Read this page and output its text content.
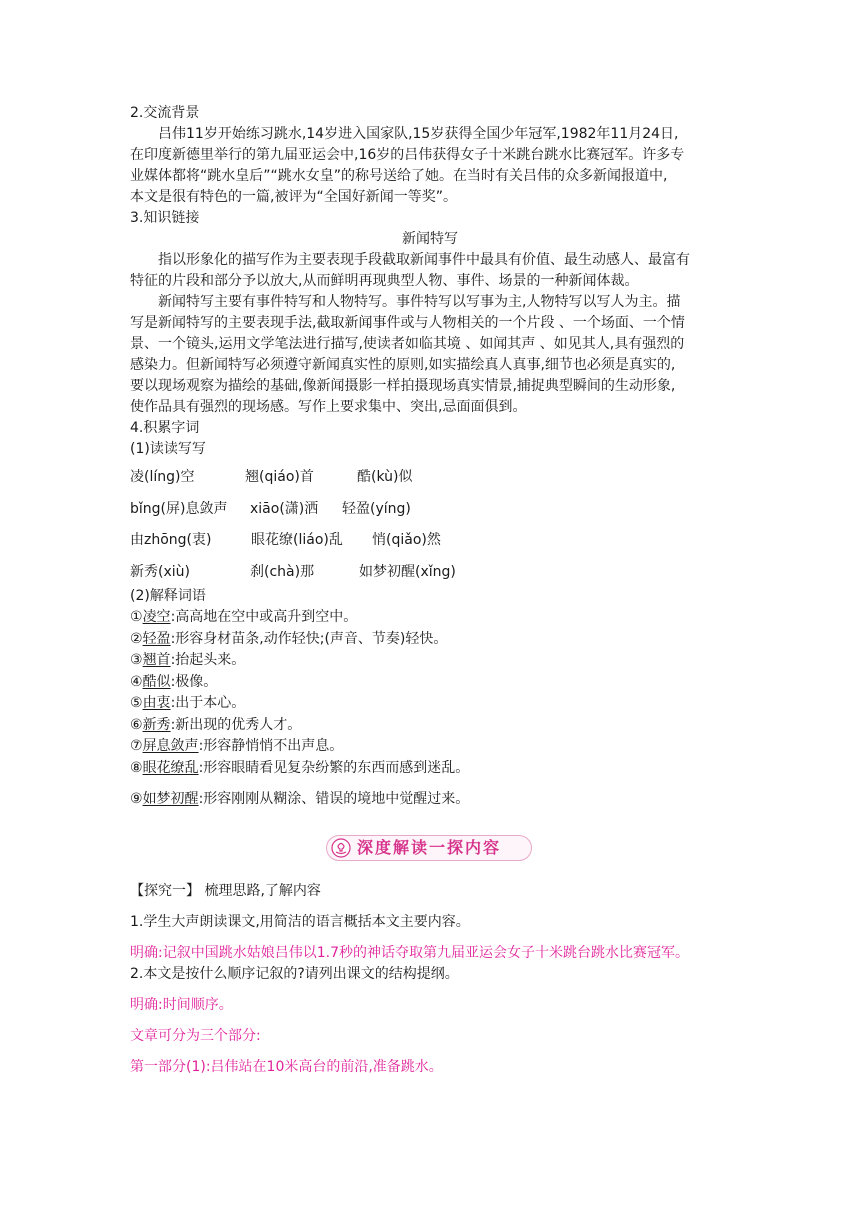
2.交流背景
吕伟11岁开始练习跳水,14岁进入国家队,15岁获得全国少年冠军,1982年11月24日,
在印度新德里举行的第九届亚运会中,16岁的吕伟获得女子十米跳台跳水比赛冠军。许多专
业媒体都将“跳水皇后”“跳水女皇”的称号送给了她。在当时有关吕伟的众多新闻报道中,
本文是很有特色的一篇,被评为“全国好新闻一等奖”。
3.知识链接
新闻特写
指以形象化的描写作为主要表现手段截取新闻事件中最具有价值、最生动感人、最富有
特征的片段和部分予以放大,从而鲜明再现典型人物、事件、场景的一种新闻体裁。
新闻特写主要有事件特写和人物特写。事件特写以写事为主,人物特写以写人为主。描
写是新闻特写的主要表现手法,截取新闻事件或与人物相关的一个片段 、一个场面、一个情
景、一个镜头,运用文学笔法进行描写,使读者如临其境 、如闻其声 、如见其人,具有强烈的
感染力。但新闻特写必须遵守新闻真实性的原则,如实描绘真人真事,细节也必须是真实的,
要以现场观察为描绘的基础,像新闻摄影一样拍摄现场真实情景,捕捉典型瞬间的生动形象,
使作品具有强烈的现场感。写作上要求集中、突出,忌面面俱到。
4.积累字词
(1)读读写写
凌(líng)空	翘(qiáo)首	酷(kù)似
bǐng(屏)息敛声 xiāo(潇)洒 轻盈(yíng)
由zhōng(衷)	眼花缭(liáo)乱 悄(qiǎo)然
新秀(xiù)	刹(chà)那	如梦初醒(xǐng)
(2)解释词语
①凌空:高高地在空中或高升到空中。
②轻盈:形容身材苗条,动作轻快;(声音、节奏)轻快。
③翘首:抬起头来。
④酷似:极像。
⑤由衷:出于本心。
⑥新秀:新出现的优秀人才。
⑦屏息敛声:形容静悄悄不出声息。
⑧眼花缭乱:形容眼睛看见复杂纷繁的东西而感到迷乱。
⑨如梦初醒:形容刚刚从糊涂、错误的境地中觉醒过来。
深度解读一探内容
【探究一】 梳理思路,了解内容
1.学生大声朗读课文,用简洁的语言概括本文主要内容。
明确:记叙中国跳水姑娘吕伟以1.7秒的神话夺取第九届亚运会女子十米跳台跳水比赛冠军。
2.本文是按什么顺序记叙的?请列出课文的结构提纲。
明确:时间顺序。
文章可分为三个部分:
第一部分(1):吕伟站在10米高台的前沿,准备跳水。
